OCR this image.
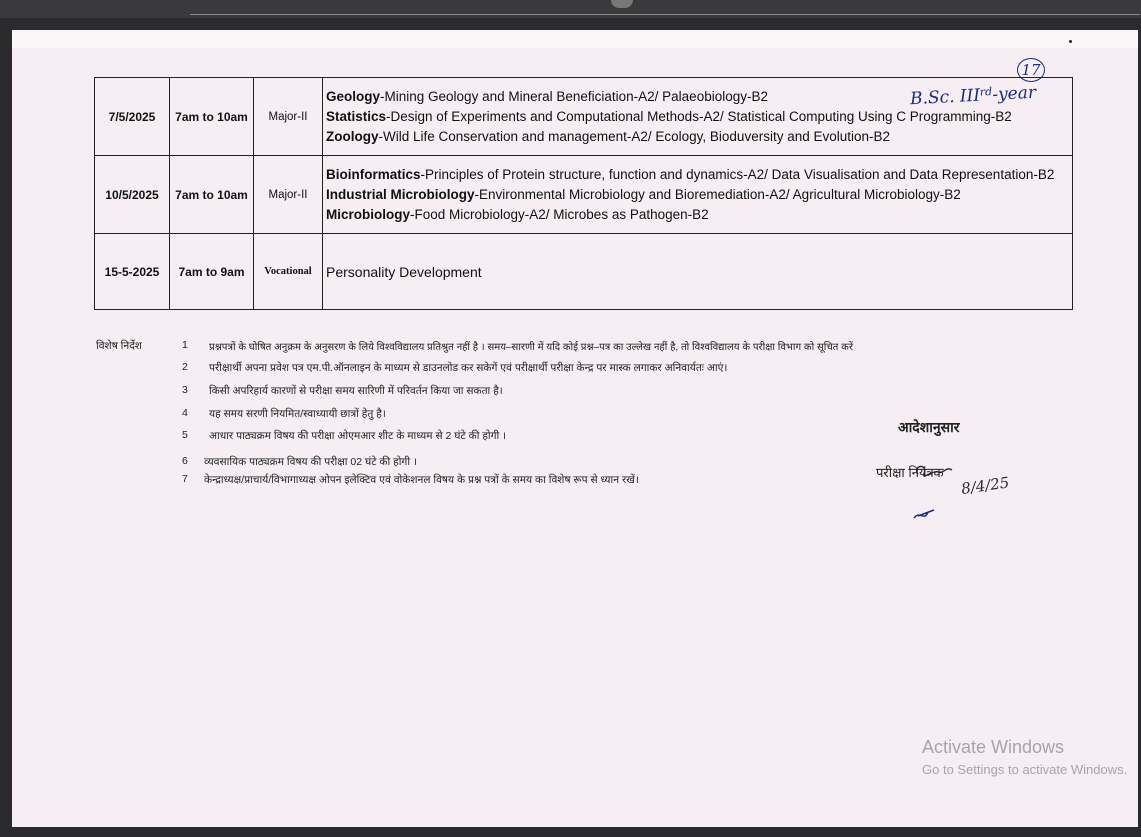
17
B.Sc. IIIrd-year
7/5/2025	7am to 10am	Major-II	Geology-Mining Geology and Mineral Beneficiation-A2/ Palaeobiology-B2
Statistics-Design of Experiments and Computational Methods-A2/ Statistical Computing Using C Programming-B2
Zoology-Wild Life Conservation and management-A2/ Ecology, Bioduversity and Evolution-B2

10/5/2025	7am to 10am	Major-II	Bioinformatics-Principles of Protein structure, function and dynamics-A2/ Data Visualisation and Data Representation-B2
Industrial Microbiology-Environmental Microbiology and Bioremediation-A2/ Agricultural Microbiology-B2
Microbiology-Food Microbiology-A2/ Microbes as Pathogen-B2

15-5-2025	7am to 9am	Vocational	Personality Development
विशेष निर्देश	1 प्रश्नपत्रों के घोषित अनुक्रम के अनुसरण के लिये विश्वविद्यालय प्रतिश्रुत नहीं है । समय–सारणी में यदि कोई प्रश्न–पत्र का उल्लेख नहीं है, तो विश्वविद्यालय के परीक्षा विभाग को सूचित करें
2 परीक्षार्थी अपना प्रवेश पत्र एम.पी.ऑनलाइन के माध्यम से डाउनलोड कर सकेगें एवं परीक्षार्थी परीक्षा केन्द्र पर मास्क लगाकर अनिवार्यतः आएं।
3 किसी अपरिहार्य कारणों से परीक्षा समय सारिणी में परिवर्तन किया जा सकता है।
4 यह समय सरणी नियमित/स्वाध्यायी छात्रों हेतु है।
5 आधार पाठ्यक्रम विषय की परीक्षा ओएमआर शीट के माध्यम से 2 घंटे की होगी ।
6 व्यवसायिक पाठ्यक्रम विषय की परीक्षा 02 घंटे की होगी ।
7 केन्द्राध्यक्ष/प्राचार्य/विभागाध्यक्ष ओपन इलेक्टिव एवं वोकेशनल विषय के प्रश्न पत्रों के समय का विशेष रूप से ध्यान रखें।
आदेशानुसार
8/4/25
परीक्षा नियंत्रक
Activate Windows
Go to Settings to activate Windows.
